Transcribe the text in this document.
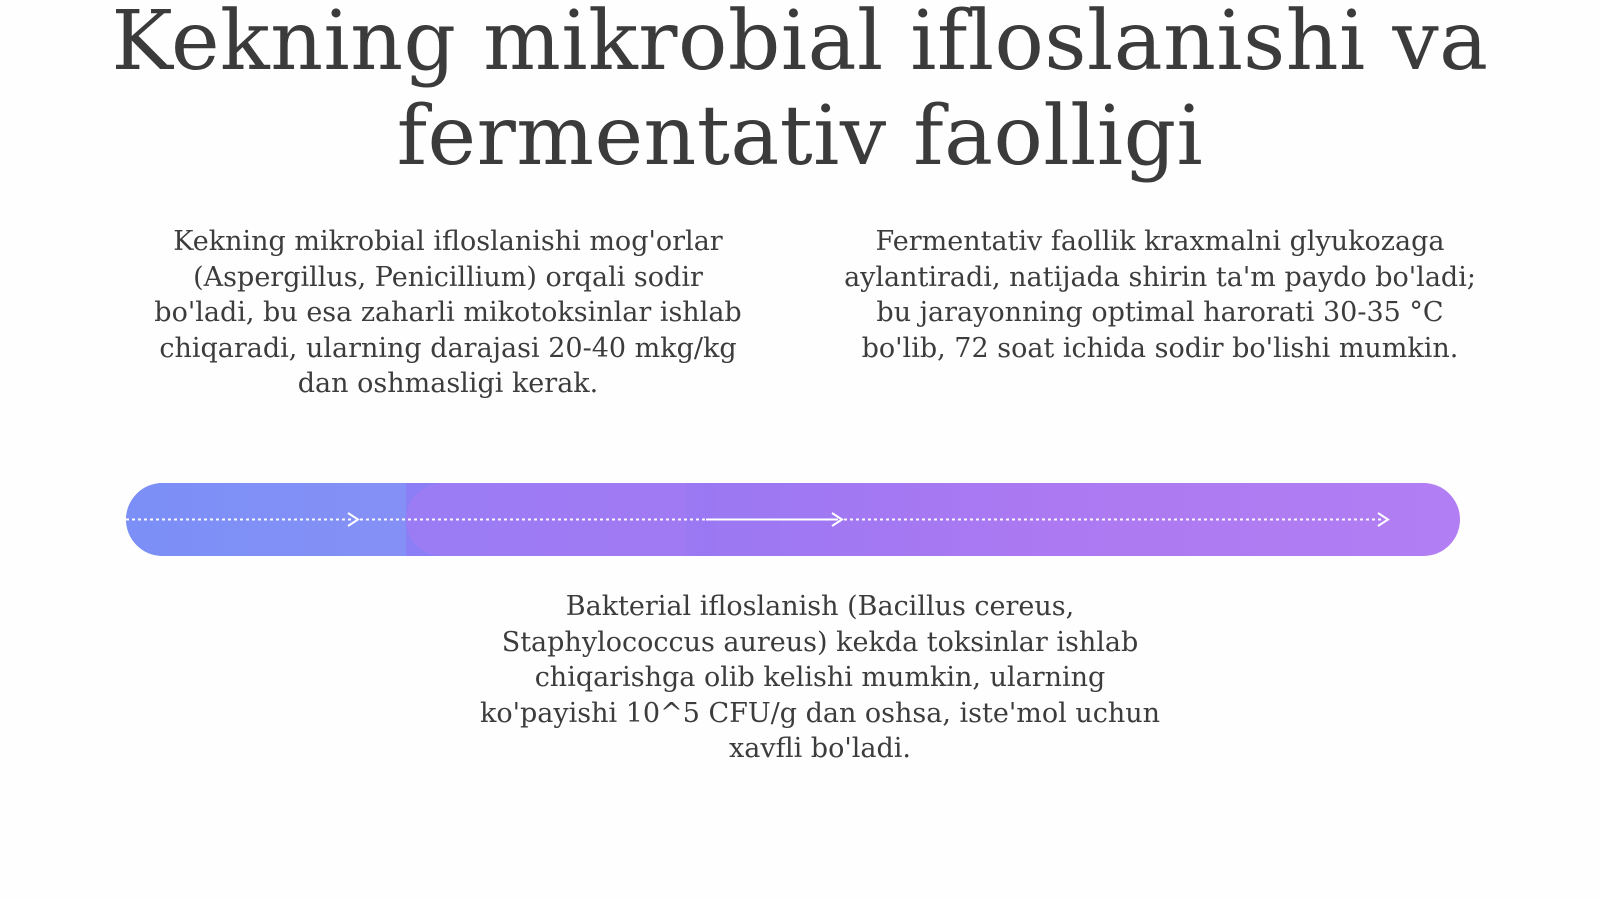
Kekning mikrobial ifloslanishi va fermentativ faolligi

Kekning mikrobial ifloslanishi mog'orlar (Aspergillus, Penicillium) orqali sodir bo'ladi, bu esa zaharli mikotoksinlar ishlab chiqaradi, ularning darajasi 20-40 mkg/kg dan oshmasligi kerak.

Fermentativ faollik kraxmalni glyukozaga aylantiradi, natijada shirin ta'm paydo bo'ladi; bu jarayonning optimal harorati 30-35 °C bo'lib, 72 soat ichida sodir bo'lishi mumkin.

Bakterial ifloslanish (Bacillus cereus, Staphylococcus aureus) kekda toksinlar ishlab chiqarishga olib kelishi mumkin, ularning ko'payishi 10^5 CFU/g dan oshsa, iste'mol uchun xavfli bo'ladi.
